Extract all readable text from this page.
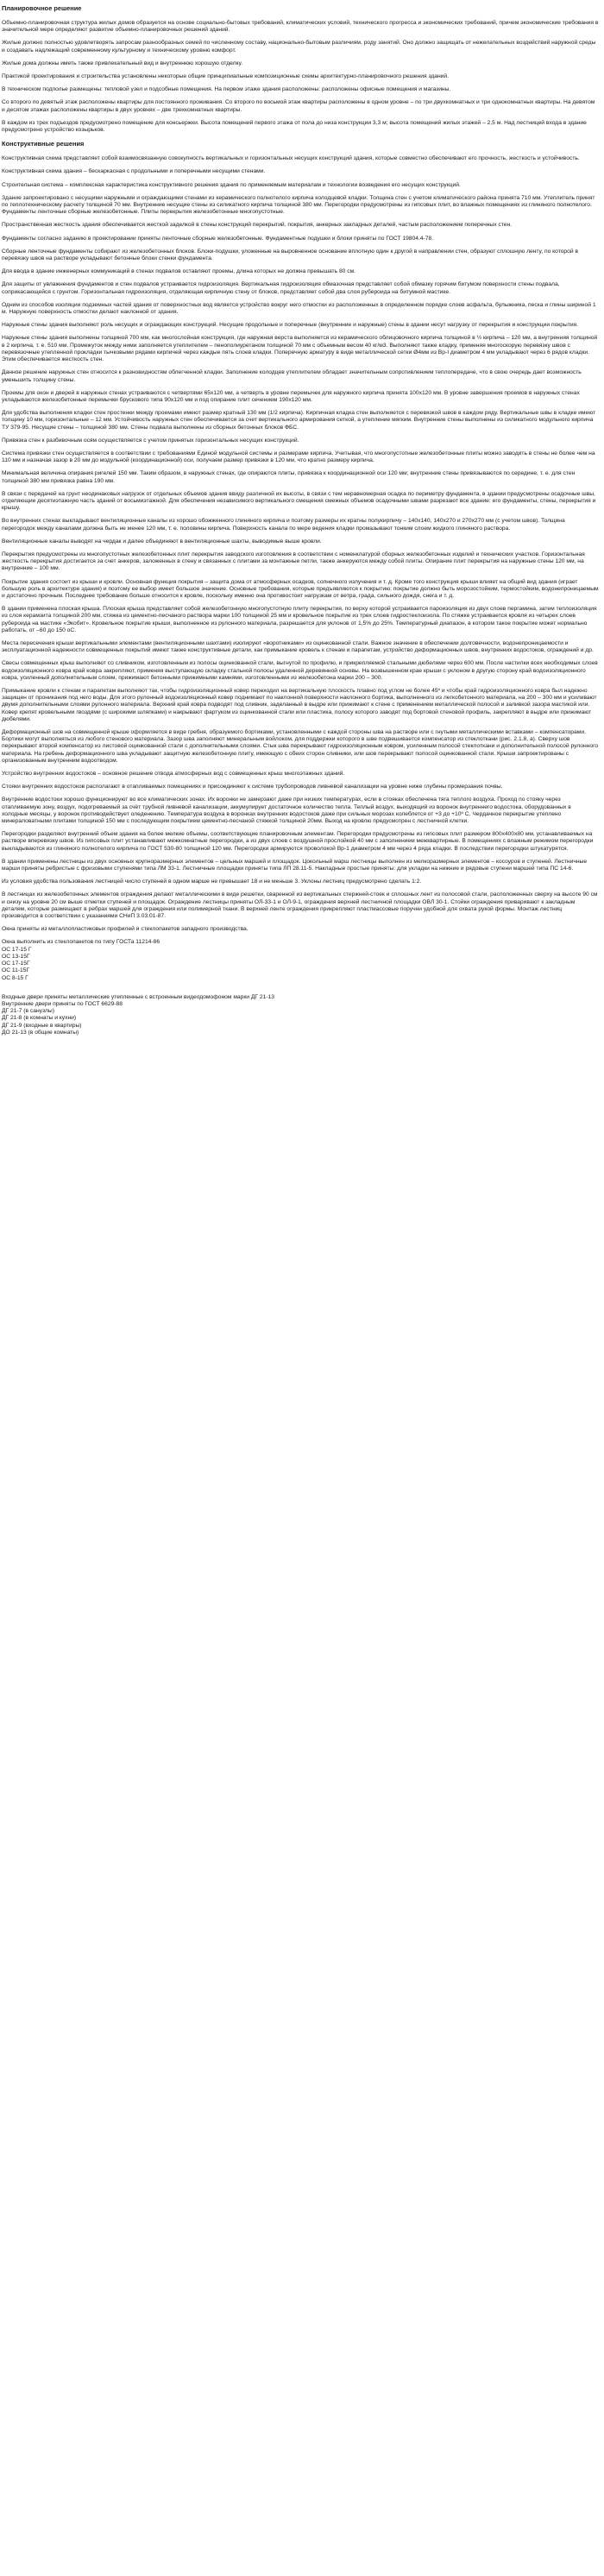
Планировочное решение

Объемно-планировочная структура жилых домов образуется на основе социально-бытовых требований, климатических условий, технического прогресса и экономических требований, причем экономические требования в значительной мере определяют развитие объемно-планировочных решений зданий.

Жилые должно полностью удовлетворять запросам разнообразных семей по численному составу, национально-бытовым различиям, роду занятий. Оно должно защищать от нежелательных воздействий наружной среды и создавать надлежащий современному культурному и техническому уровню комфорт.

Жилые дома должны иметь также привлекательный вид и внутреннюю хорошую отделку.

Практикой проектирования и строительства установлены некоторые общие принципиальные композиционные схемы архитектурно-планировочного решения зданий.

В техническом подполье размещены: тепловой узел и подсобные помещения. На первом этаже здания расположены: расположены офисные помещения и магазины.

Со второго по девятый этаж расположены квартиры для постоянного проживания. Со второго по восьмой этаж квартиры расположены в одном уровне – по три двухкомнатных и три однокомнатных квартиры. На девятом и десятом этажах расположены квартиры в двух уровнях – две трехкомнатных квартиры.

В каждом из трех подъездов предусмотрено помещение для консьержки. Высота помещений первого этажа от пола до низа конструкции 3,3 м; высота помещений жилых этажей – 2,5 м. Над лестницей входа в здание предусмотрено устройство козырьков.

Конструктивные решения

Конструктивная схема представляет собой взаимосвязанную совокупность вертикальных и горизонтальных несущих конструкций здания, которые совместно обеспечивают его прочность, жесткость и устойчивость.

Конструктивная схема здания – бескаркасная с продольными и поперечными несущими стенами.

Строительная система – комплексная характеристика конструктивного решения здания по применяемым материалам и технологии возведения его несущих конструкций.

Здание запроектировано с несущими наружными и ограждающими стенами из керамического полнотелого кирпича колодцевой кладки. Толщина стен с учетом климатического района принята 710 мм. Утеплитель принят по теплотехническому расчету толщиной 70 мм. Внутренние несущие стены из силикатного кирпича толщиной 380 мм. Перегородки предусмотрены из гипсовых плит, во влажных помещениях из глиняного полнотелого. Фундаменты ленточные сборные железобетонные. Плиты перекрытия железобетонные многопустотные.

Пространственная жесткость здания обеспечивается жесткой заделкой в стены конструкций перекрытий, покрытия, анкерных закладных деталей, частым расположением поперечных стен.

Фундаменты согласно заданию в проектировании приняты ленточные сборные железобетонные. Фундаментные подушки и блоки приняты по ГОСТ 19804.4-78.

Сборные ленточные фундаменты собирают из железобетонных блоков. Блоки-подушки, уложенные на выровненное основание вплотную один к другой в направлении стен, образуют сплошную ленту, по которой в перевязку швов на растворе укладывают бетонные блоки стенки фундамента.

Для ввода в здание инженерных коммуникаций в стенах подвалов оставляют проемы, длина которых не должна превышать 80 см.

Для защиты от увлажнения фундаментов и стен подвалов устраивается гидроизоляция. Вертикальная гидроизоляция обмазочная представляет собой обмазку горячим битумом поверхности стены подвала, соприкасающейся с грунтом. Горизонтальная гидроизоляция, отделяющая кирпичную стену от блоков, представляет собой два слоя рубероида на битумной мастике.

Одним из способов изоляции подземных частей здания от поверхностных вод является устройство вокруг него отмостки из расположенных в определенном порядке слоев асфальта, булыжника, песка и глины шириной 1 м. Наружную поверхность отмостки делают наклонной от здания.

Наружные стены здания выполняют роль несущих и ограждающих конструкций. Несущие продольные и поперечные (внутренние и наружные) стены в здании несут нагрузку от перекрытия и конструкции покрытия.

Наружные стены здания выполнены толщиной 700 мм, как многослойная конструкция, где наружная верста выполняется из керамического облицовочного кирпича толщиной в ½ кирпича – 120 мм, а внутренняя толщиной в 2 кирпича, т. е. 510 мм. Промежуток между ними заполняется утеплителем – пенополиуретаном толщиной 70 мм с объемным весом 40 кг/м3. Выполняют также кладку, применяя многоскорую перевязку швов с перевязочные утепленной прокладки тычковыми рядами кирпичей через каждые пять слоев кладки. Поперечную арматуру в виде металлической сетки Ø4мм из Вр-I диаметром 4 мм укладывают через 6 рядов кладки. Этим обеспечивается жесткость стен.

Данное решение наружных стен относится к разновидностям облегченной кладки. Заполнение колодцев утеплителем обладает значительным сопротивлением теплопередаче, что в свою очередь дает возможность уменьшить толщину стены.

Проемы для окон и дверей в наружных стенах устраиваются с четвертями 65х120 мм, а четверть в уровне перемычек для наружного кирпича принята 100х120 мм. В уровне завершения проемов в наружных стенах укладываются железобетонные перемычки брускового типа 90х120 мм и под опирание плит сечением 190х120 мм.

Для удобства выполнения кладки стен простенки между проемами имеют размер кратный 130 мм (1/2 кирпича). Кирпичная кладка стен выполняется с перевязкой швов в каждом ряду. Вертикальные швы в кладке имеют толщину 10 мм, горизонтальные – 12 мм. Устойчивость наружных стен обеспечивается за счет вертикального армирования сеткой, а утепление мягким. Внутренние стены выполнены из силикатного модульного кирпича ТУ 379-95. Несущие стены – толщиной 380 мм. Стены подвала выполнены из сборных бетонных блоков ФБС.

Привязка стен к разбивочным осям осуществляется с учетом принятых горизонтальных несущих конструкций.

Система привязки стен осуществляется в соответствии с требованиями Единой модульной системы и размерами кирпича. Учитывая, что многопустотные железобетонные плиты можно заводить в стены не более чем на 110 мм и назначая зазор в 20 мм до модульной (координационной) оси, получаем размер привязки в 120 мм, что кратно размеру кирпича.

Минимальная величина опирания ригелей 150 мм. Таким образом, в наружных стенах, где опираются плиты, привязка к координационной оси 120 мм; внутренние стены привязываются по середине, т. е. для стен толщиной 380 мм привязка равна 190 мм.

В связи с передачей на грунт неодинаковых нагрузок от отдельных объемов здания ввиду различной их высоты, в связи с тем неравномерная осадка по периметру фундамента, в здании предусмотрены осадочные швы, отделяющие десятиэтажную часть зданий от восьмиэтажной. Для обеспечения независимого вертикального смещения смежных объемов осадочными швами разрезают все здание: его фундаменты, стены, перекрытия и крышу.

Во внутренних стенах выкладывают вентиляционные каналы из хорошо обожженного глиняного кирпича и поэтому размеры их кратны полукирпичу – 140х140, 140х270 и 270х270 мм (с учетом швов). Толщина перегородок между каналами должна быть не менее 120 мм, т. е. половины кирпича. Поверхность канала по мере ведения кладки промазывают тонким слоем жидкого глиняного раствора.

Вентиляционные каналы выводят на чердак и далее объединяют в вентиляционные шахты, выводимые выше кровли.

Перекрытия предусмотрены из многопустотных железобетонных плит перекрытия заводского изготовления в соответствии с номенклатурой сборных железобетонных изделий и технических участков. Горизонтальная жесткость перекрытия достигается за счет анкеров, заложенных в стену и связанных с плитами за монтажные петли, также анкеруются между собой плиты. Опирание плит перекрытия на наружные стены 120 мм, на внутренние – 100 мм.

Покрытие здания состоит из крыши и кровли. Основная функция покрытия – защита дома от атмосферных осадков, солнечного излучения и т. д. Кроме того конструкция крыши влияет на общий вид здания (играет большую роль в архитектуре здания) и поэтому ее выбор имеет большое значение. Основные требования, которые предъявляются к покрытию: покрытие должно быть морозостойким, термостойким, водонепроницаемым и достаточно прочным. Последнее требование больше относится к кровле, поскольку именно она противостоит нагрузкам от ветра, града, сильного дождя, снега и т. д.

В здании применена плоская крыша. Плоская крыша представляет собой железобетонную многопустотную плиту перекрытия, по верху которой устраивается пароизоляция из двух слоев пергамина, затем теплоизоляция из слоя керамзита толщиной 200 мм, стяжка из цементно-песчаного раствора марки 100 толщиной 25 мм и кровельное покрытие из трех слоев гидростеклоизола. По стяжке устраивается кровля из четырех слоев рубероида на мастике «Экобит». Кровельное покрытие крыши, выполненное из рулонного материала, разрешается для уклонов от 1,5% до 25%. Температурный диапазон, в котором такое покрытие может нормально работать, от –60 до 150 оС.

Места пересечения крыши вертикальными элементами (вентиляционными шахтами) изолируют «воротниками» из оцинкованной стали. Важное значение в обеспечении долговечности, водонепроницаемости и эксплуатационной надежности совмещенных покрытий имеют также конструктивные детали, как примыкание кровель к стенам и парапетам, устройство деформационных швов, внутренних водостоков, ограждений и др.

Свесы совмещенных крыш выполняют со сливником, изготовленным из полосы оцинкованной стали, выгнутой по профилю, и прикрепляемой стальными дюбелями через 600 мм. После настилки всех необходимых слоев водоизоляционного ковра край ковра закрепляют, применяя выступающую складку стальной полосы удаленной деревянной основы. На возвышенном крае крыши с уклоном в другую сторону край водоизоляционного ковра, усиленный дополнительным слоем, прижимают бетонными прижимными камнями, изготовленными из железобетона марки 200 – 300.

Примыкание кровли к стенам и парапетам выполняют так, чтобы гидроизоляционный ковер переходил на вертикальную плоскость плавно под углом не более 45º и чтобы край гидроизоляционного ковра был надежно защищен от проникания под него воды. Для этого рулонный водоизоляционный ковер поднимают по наклонной поверхности наклонного бортика, выполненного из легкобетонного материала, на 200 – 300 мм и усиливают двумя дополнительными слоями рулонного материала. Верхний край ковра подводят под сливник, заделанный в выдре или прижимают к стене с применением металлической полосой и заливкой зазора мастикой или. Ковер крепят кровельными гвоздями (с широкими шляпками) и накрывают фартуком из оцинкованной стали или пластика, полосу которого заводят под бортовой стеновой профиль, закрепляют в выдре или прижимают дюбелями.

Деформационный шов на совмещенной крыше оформляется в виде гребня, образуемого бортиками, установленными с каждой стороны шва на растворе или с гнутыми металлическими вставками – компенсаторами. Бортики могут выполняться из любого стенового материала. Зазор шва заполняют минеральным войлоком, для поддержки которого в шве подвешивается компенсатор из стеклоткани (рис. 2.1.8, а). Сверху шов перекрывают второй компенсатор из листовой оцинкованной стали с дополнительными слоями. Стык шва перекрывают гидроизоляционным ковром, усиленным полосой стеклоткани и дополнительной полосой рулонного материала. На гребень деформационного шва укладывают защитную железобетонную плиту, имеющую с обеих сторон сливники, или шов перекрывают полосой оцинкованной стали. Крыши запроектированы с организованным внутренним водоотводом.

Устройство внутренних водостоков – основное решение отвода атмосферных вод с совмещенных крыш многоэтажных зданий.

Стояки внутренних водостоков располагают в отапливаемых помещениях и присоединяют к системе трубопроводов ливневой канализации на уровне ниже глубины промерзания почвы.

Внутренние водостоки хорошо функционируют во все климатических зонах. Их воронки не замерзают даже при низких температурах, если в стояках обеспечена тяга теплого воздуха. Проход по стояку через отапливаемую зону, воздух, подогреваемый за счёт трубной ливневой канализации, аккумулирует достаточное количество тепла. Теплый воздух, выходящий из воронок внутреннего водостока, оборудованных в холодные месяцы, у воронок противодействует оледенению. Температура воздуха в воронках внутренних водостоков даже при сильных морозах колеблется от +3 до +10º С. Чердачное перекрытие утеплено минераловатными плитами толщиной 150 мм с последующим покрытием цементно-песчаной стяжкой толщиной 20мм. Выход на кровлю предусмотрен с лестничной клетки.

Перегородки разделяют внутренний объем здания на более мелкие объемы, соответствующие планировочным элементам. Перегородки предусмотрены из гипсовых плит размером 800х400х80 мм, устанавливаемых на растворе вперевязку швов. Из гипсовых плит устанавливают межкомнатные перегородки, а из двух слоев с воздушной прослойкой 40 мм с заполнением межквартирные. В помещениях с влажным режимом перегородки выкладываются из глиняного полнотелого кирпича по ГОСТ 530-80 толщиной 120 мм. Перегородки армируются проволокой Вр-1 диаметром 4 мм через 4 ряда кладки. В последствии перегородки штукатурятся.

В здании применены лестницы из двух основных крупноразмерных элементов – цельных маршей и площадок. Цокольный марш лестницы выполнен из мелкоразмерных элементов – косоуров и ступеней. Лестничные марши приняты ребристые с фризовыми ступенями типа ЛМ 33-1. Лестничные площадки приняты типа ЛП 28.11-5. Накладные простые приняты: для укладки на нижние и рядовые ступени маршей типа ПС 14-6.

Из условия удобства пользования лестницей число ступеней в одном марше не превышает 18 и не меньше 3. Уклоны лестниц предусмотрено сделать 1:2.

В лестницах из железобетонных элементов ограждения делают металлическими в виде решетки, сваренной из вертикальных стержней-стоек и сплошных лент из полосовой стали, расположенных сверху на высоте 90 см и снизу на уровне 20 см выше отметки ступеней и площадок. Ограждение лестницы приняты ОЛ-33-1 и ОЛ-9-1, ограждения верхней лестничной площадки ОВЛ 30-1. Стойки ограждения приваривают к закладным деталям, которые размещают в ребрах маршей для ограждения или полимерной ткани. В верхней ленте ограждения прикрепляют пластмассовые поручни удобной для охвата рукой формы. Монтаж лестниц производится в соответствии с указаниями СНиП 3.03.01-87.

Окна приняты из металлопластиковых профилей и стеклопакетов западного производства.

Окна выполнить из стеклопакетов по типу ГОСТа 11214-86

ОС 17-15 Г

ОС 13-15Г

ОС 17-15Г

ОС 11-15Г

ОС 8-15 Г

Входные двери приняты металлические утепленные с встроенным видеодомофоном марки ДГ 21-13

Внутренние двери приняты по ГОСТ 6629-88

ДГ 21-7 (в санузлы)

ДГ 21-8 (в комнаты и кухни)

ДГ 21-9 (входные в квартиры)

ДО 21-13 (в общие комнаты)
